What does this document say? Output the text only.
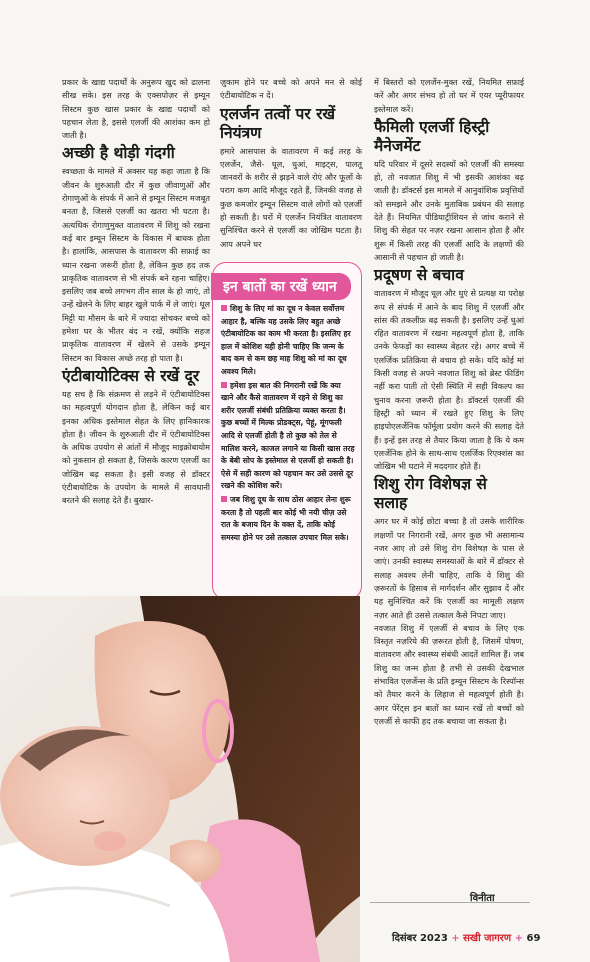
प्रकार के खाद्य पदार्थों के अनुरूप खुद को ढालना सीख सके। इस तरह के एक्सपोज़र से इम्यून सिस्टम कुछ खास प्रकार के खाद्य पदार्थों को पहचान लेता है, इससे एलर्जी की आशंका कम हो जाती है।

अच्छी है थोड़ी गंदगी

स्वच्छता के मामले में अक्सर यह कहा जाता है कि जीवन के शुरुआती दौर में कुछ जीवाणुओं और रोगाणुओं के संपर्क में आने से इम्यून सिस्टम मजबूत बनता है, जिससे एलर्जी का खतरा भी घटता है। अत्यधिक रोगाणुमुक्त वातावरण में शिशु को रखना कई बार इम्यून सिस्टम के विकास में बाधक होता है। हालांकि, आसपास के वातावरण की सफ़ाई का ध्यान रखना जरूरी होता है, लेकिन कुछ हद तक प्राकृतिक वातावरण से भी संपर्क बने रहना चाहिए। इसलिए जब बच्चे लगभग तीन साल के हो जाएं, तो उन्हें खेलने के लिए बाहर खुले पार्क में ले जाएं। धूल मिट्टी या मौसम के बारे में ज्यादा सोचकर बच्चे को हमेशा घर के भीतर बंद न रखें, क्योंकि सहज प्राकृतिक वातावरण में खेलने से उसके इम्यून सिस्टम का विकास अच्छे तरह हो पाता है।

एंटीबायोटिक्स से रखें दूर

यह सच है कि संक्रमण से लड़ने में एंटीबायोटिक्स का महत्वपूर्ण योगदान होता है, लेकिन कई बार इनका अधिक इस्तेमाल सेहत के लिए हानिकारक होता है। जीवन के शुरुआती दौर में एंटीबायोटिक्स के अधिक उपयोग से आंतों में मौजूद माइक्रोबायोम को नुकसान हो सकता है, जिसके कारण एलर्जी का जोखिम बढ़ सकता है। इसी वजह से डॉक्टर एंटीबायोटिक के उपयोग के मामले में सावधानी बरतने की सलाह देते हैं। बुखार-

ज़ुकाम होने पर बच्चे को अपने मन से कोई एंटीबायोटिक न दें।

एलर्जन तत्वों पर रखें नियंत्रण

हमारे आसपास के वातावरण में कई तरह के एलर्जेन, जैसे- धूल, धुआं, माइट्स, पालतू जानवरों के शरीर से झड़ने वाले रोएं और फूलों के पराग कण आदि मौजूद रहते हैं, जिनकी वजह से कुछ कमजोर इम्यून सिस्टम वाले लोगों को एलर्जी हो सकती है। घरों में एलर्जेन नियंत्रित वातावरण सुनिश्चित करने से एलर्जी का जोखिम घटता है। आप अपने घर

इन बातों का रखें ध्यान
शिशु के लिए मां का दूध न केवल सर्वोत्तम आहार है, बल्कि यह उसके लिए बहुत अच्छे एंटीबायोटिक का काम भी करता है। इसलिए हर हाल में कोशिश यही होनी चाहिए कि जन्म के बाद कम से कम छह माह शिशु को मां का दूध अवश्य मिले।
हमेशा इस बात की निगरानी रखें कि क्या खाने और कैसे वातावरण में रहने से शिशु का शरीर एलर्जी संबंधी प्रतिक्रिया व्यक्त करता है। कुछ बच्चों में मिल्क प्रोडक्ट्स, पेहूं, मूंगफली आदि से एलर्जी होती है तो कुछ को तेल से मालिश करने, काजल लगाने या किसी खास तरह के बेबी सोप के इस्तेमाल से एलर्जी हो सकती है। ऐसे में सही कारण को पहचान कर उसे उससे दूर रखने की कोशिश करें।
जब शिशु दूध के साथ ठोस आहार लेना शुरू करता है तो पहली बार कोई भी नयी चीज़ उसे रात के बजाय दिन के वक्त दें, ताकि कोई समस्या होने पर उसे तत्काल उपचार मिल सके।

में बिस्तरों को एलर्जेन-मुक्त रखें, नियमित सफ़ाई करें और अगर संभव हो तो घर में एयर प्यूरीफायर इस्तेमाल करें।

फैमिली एलर्जी हिस्ट्री मैनेजमेंट

यदि परिवार में दूसरे सदस्यों को एलर्जी की समस्या हो, तो नवजात शिशु में भी इसकी आशंका बढ़ जाती है। डॉक्टर्स इस मामले में आनुवांशिक प्रवृत्तियों को समझने और उनके मुताबिक प्रबंधन की सलाह देते हैं। नियमित पीडियाट्रीशियन से जांच कराने से शिशु की सेहत पर नज़र रखना आसान होता है और शुरू में किसी तरह की एलर्जी आदि के लक्षणों की आसानी से पहचान हो जाती है।

प्रदूषण से बचाव

वातावरण में मौजूद धूल और धुएं से प्रत्यक्ष या परोक्ष रूप से संपर्क में आने के बाद शिशु में एलर्जी और सांस की तकलीफ़ बढ़ सकती है। इसलिए उन्हें धुआं रहित वातावरण में रखना महत्वपूर्ण होता है, ताकि उनके फेफड़ों का स्वास्थ्य बेहतर रहे। अगर बच्चे में एलर्जिक प्रतिक्रिया से बचाव हो सके। यदि कोई मां किसी वजह से अपने नवजात शिशु को ब्रेस्ट फीडिंग नहीं करा पाती तो ऐसी स्थिति में सही विकल्प का चुनाव करना ज़रूरी होता है। डॉक्टर्स एलर्जी की हिस्ट्री को ध्यान में रखते हुए शिशु के लिए हाइपोएलर्जेनिक फॉर्मूला प्रयोग करने की सलाह देते हैं। इन्हें इस तरह से तैयार किया जाता है कि ये कम एलर्जेनिक होने के साथ-साथ एलर्जिक रिएक्शंस का जोखिम भी घटाने में मददगार होते हैं।

शिशु रोग विशेषज्ञ से सलाह

अगर घर में कोई छोटा बच्चा है तो उसके शारीरिक लक्षणों पर निगरानी रखें, अगर कुछ भी असामान्य नजर आए तो उसे शिशु रोग विशेषज्ञ के पास ले जाएं। उनकी स्वास्थ्य समस्याओं के बारे में डॉक्टर से सलाह अवश्य लेनी चाहिए, ताकि वे शिशु की ज़रूरतों के हिसाब से मार्गदर्शन और सुझाव दें और यह सुनिश्चित करें कि एलर्जी का मामूली लक्षण नज़र आते ही उससे तत्काल कैसे निपटा जाए।

नवजात शिशु में एलर्जी से बचाव के लिए एक विस्तृत नज़रिये की ज़रूरत होती है, जिसमें पोषण, वातावरण और स्वास्थ्य संबंधी आदतें शामिल हैं। जब शिशु का जन्म होता है तभी से उसकी देखभाल संभावित एलर्जेन्स के प्रति इम्यून सिस्टम के रिस्पॉन्स को तैयार करने के लिहाज से महत्वपूर्ण होती है। अगर पेरेंट्स इन बातों का ध्यान रखें तो बच्चों को एलर्जी से काफी हद तक बचाया जा सकता है।

विनीता
दिसंबर 2023 + सखी जागरण + 69
